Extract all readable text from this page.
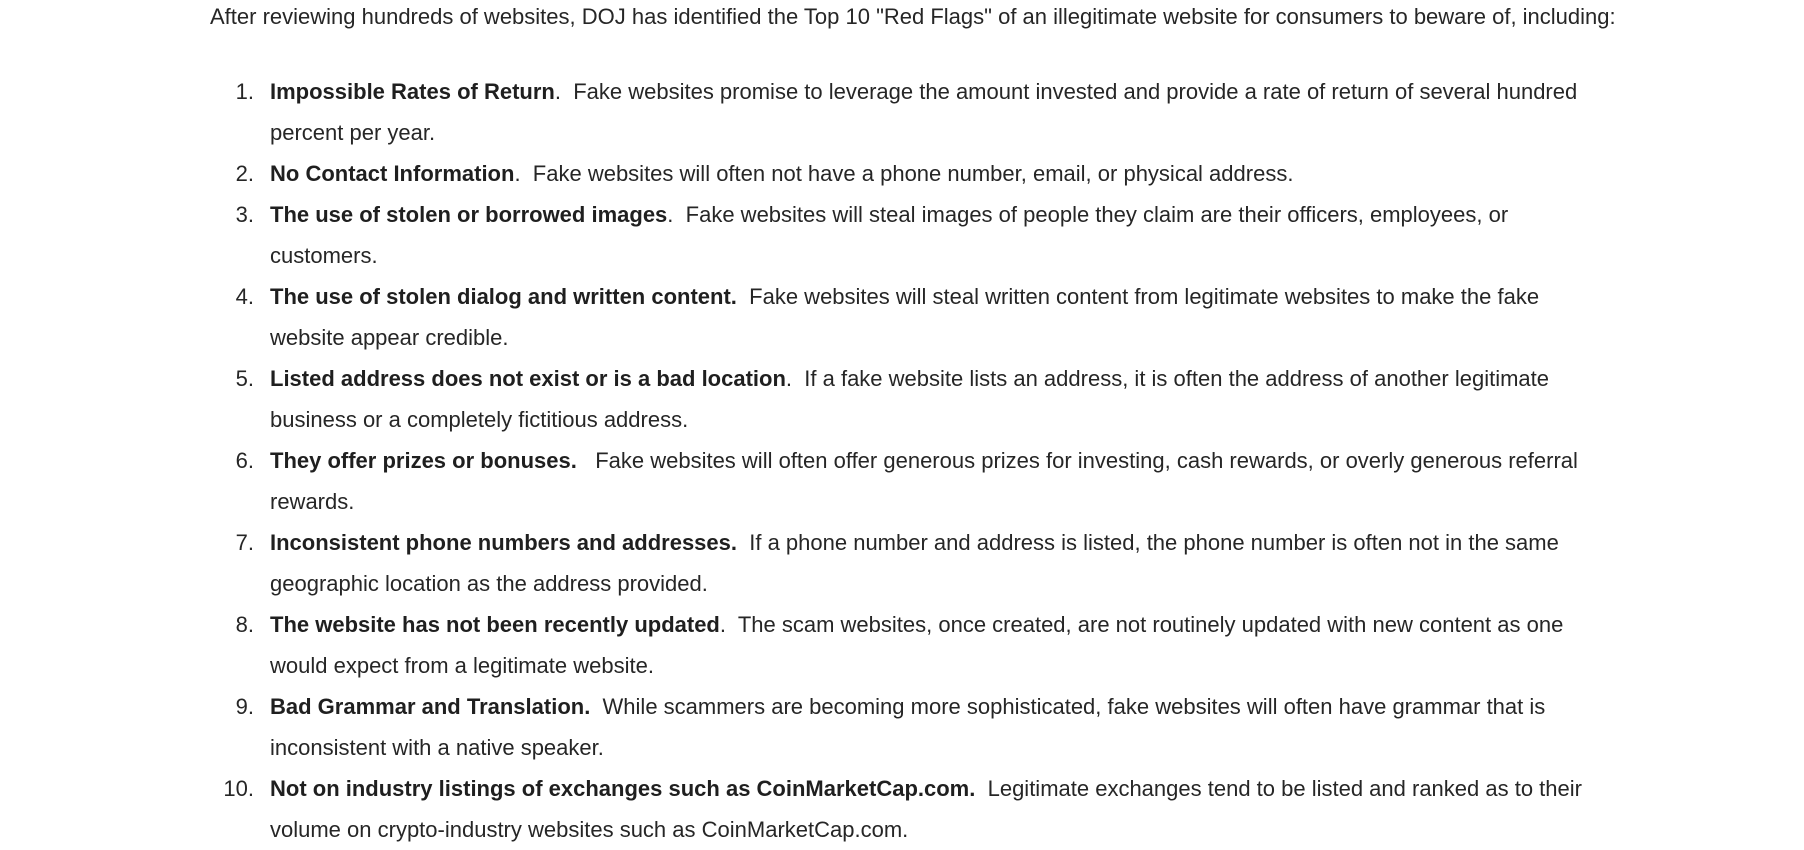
After reviewing hundreds of websites, DOJ has identified the Top 10 "Red Flags" of an illegitimate website for consumers to beware of, including:

1. Impossible Rates of Return. Fake websites promise to leverage the amount invested and provide a rate of return of several hundred percent per year.
2. No Contact Information. Fake websites will often not have a phone number, email, or physical address.
3. The use of stolen or borrowed images. Fake websites will steal images of people they claim are their officers, employees, or customers.
4. The use of stolen dialog and written content. Fake websites will steal written content from legitimate websites to make the fake website appear credible.
5. Listed address does not exist or is a bad location. If a fake website lists an address, it is often the address of another legitimate business or a completely fictitious address.
6. They offer prizes or bonuses. Fake websites will often offer generous prizes for investing, cash rewards, or overly generous referral rewards.
7. Inconsistent phone numbers and addresses. If a phone number and address is listed, the phone number is often not in the same geographic location as the address provided.
8. The website has not been recently updated. The scam websites, once created, are not routinely updated with new content as one would expect from a legitimate website.
9. Bad Grammar and Translation. While scammers are becoming more sophisticated, fake websites will often have grammar that is inconsistent with a native speaker.
10. Not on industry listings of exchanges such as CoinMarketCap.com. Legitimate exchanges tend to be listed and ranked as to their volume on crypto-industry websites such as CoinMarketCap.com.
